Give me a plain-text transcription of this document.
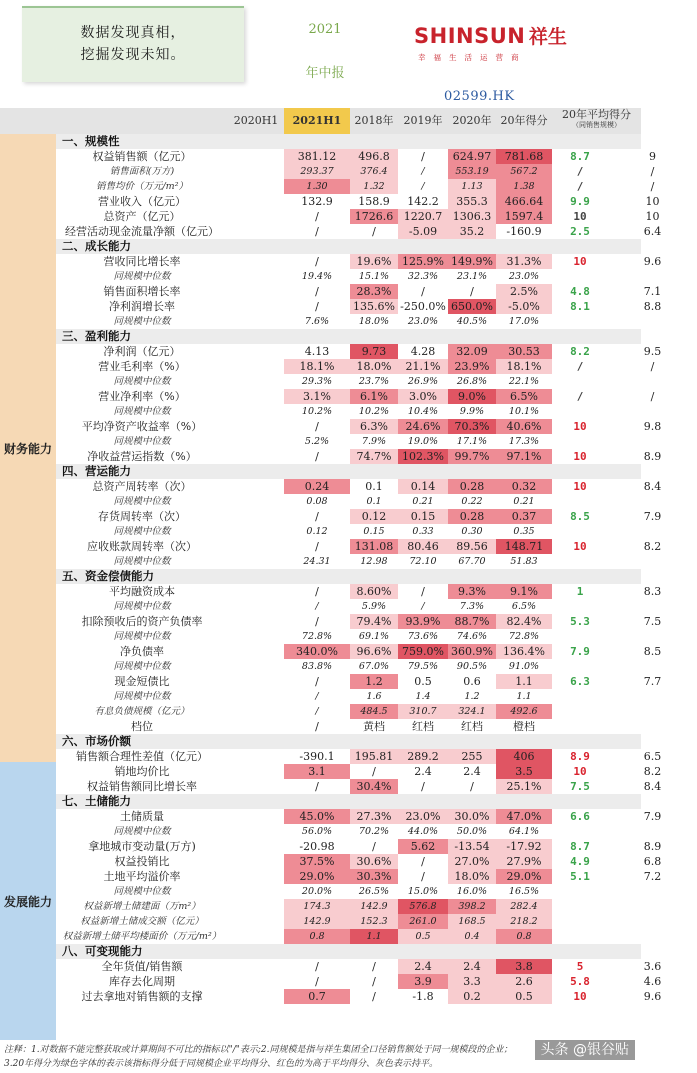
数据发现真相，
挖掘发现未知。
2021
年中报
SHINSUN 祥生
幸福生活运营商
02599.HK
2020H1	2021H1	2018年 2019年 2020年 20年得分	20年平均得分
（同销售规模）
财务能力
发展能力
一、规模性
权益销售额（亿元）	381.12	496.8	/	624.97	781.68	8.7	9
销售面积(万方)	293.37	376.4	/	553.19	567.2	/	/
销售均价（万元/m²）	1.30	1.32	/	1.13	1.38	/	/
营业收入（亿元）	132.9	158.9	142.2	355.3	466.64	9.9	10
总资产（亿元）	/	1726.6 1220.7 1306.3	1597.4	10	10
经营活动现金流量净额（亿元）	/	/	-5.09	35.2	-160.9	2.5	6.4
二、成长能力
营收同比增长率	/	19.6% 125.9% 149.9%	31.3%	10	9.6
同规模中位数	19.4%	15.1%	32.3%	23.1%	23.0%
销售面积增长率	/	28.3%	/	/	2.5%	4.8	7.1
净利润增长率	/	135.6% -250.0% 650.0%	-5.0%	8.1	8.8
同规模中位数	7.6%	18.0%	23.0%	40.5%	17.0%
三、盈利能力
净利润（亿元）	4.13	9.73	4.28	32.09	30.53	8.2	9.5
营业毛利率（%）	18.1%	18.0%	21.1%	23.9%	18.1%	/	/
同规模中位数	29.3%	23.7%	26.9%	26.8%	22.1%
营业净利率（%）	3.1%	6.1%	3.0%	9.0%	6.5%	/	/
同规模中位数	10.2%	10.2%	10.4%	9.9%	10.1%
平均净资产收益率（%）	/	6.3%	24.6%	70.3%	40.6%	10	9.8
同规模中位数	5.2%	7.9%	19.0%	17.1%	17.3%
净收益营运指数（%）	/	74.7% 102.3% 99.7%	97.1%	10	8.9
四、营运能力
总资产周转率（次）	0.24	0.1	0.14	0.28	0.32	10	8.4
同规模中位数	0.08	0.1	0.21	0.22	0.21
存货周转率（次）	/	0.12	0.15	0.28	0.37	8.5	7.9
同规模中位数	0.12	0.15	0.33	0.30	0.35
应收账款周转率（次）	/	131.08	80.46	89.56	148.71	10	8.2
同规模中位数	24.31	12.98	72.10	67.70	51.83
五、资金偿债能力
平均融资成本	/	8.60%	/	9.3%	9.1%	1	8.3
同规模中位数	/	5.9%	/	7.3%	6.5%
扣除预收后的资产负债率	/	79.4%	93.9%	88.7%	82.4%	5.3	7.5
同规模中位数	72.8%	69.1%	73.6%	74.6%	72.8%
净负债率	340.0%	96.6% 759.0% 360.9% 136.4%	7.9	8.5
同规模中位数	83.8%	67.0%	79.5%	90.5%	91.0%
现金短债比	/	1.2	0.5	0.6	1.1	6.3	7.7
同规模中位数	/	1.6	1.4	1.2	1.1
有息负债规模（亿元）	/	484.5	310.7	324.1	492.6
档位	/	黄档	红档	红档	橙档
六、市场价额
销售额合理性差值（亿元）	-390.1	195.81	289.2	255	406	8.9	6.5
销地均价比	3.1	/	2.4	2.4	3.5	10	8.2
权益销售额同比增长率	/	30.4%	/	/	25.1%	7.5	8.4
七、土储能力
土储质量	45.0%	27.3%	23.0%	30.0%	47.0%	6.6	7.9
同规模中位数	56.0%	70.2%	44.0%	50.0%	64.1%
拿地城市变动量(万方)	-20.98	/	5.62	-13.54	-17.92	8.7	8.9
权益投销比	37.5%	30.6%	/	27.0%	27.9%	4.9	6.8
土地平均溢价率	29.0%	30.3%	/	18.0%	29.0%	5.1	7.2
同规模中位数	20.0%	26.5%	15.0%	16.0%	16.5%
权益新增土储建面（万m²）	174.3	142.9	576.8	398.2	282.4
权益新增土储成交额（亿元）	142.9	152.3	261.0	168.5	218.2
权益新增土储平均楼面价（万元/m²）	0.8	1.1	0.5	0.4	0.8
八、可变现能力
全年货值/销售额	/	/	2.4	2.4	3.8	5	3.6
库存去化周期	/	/	3.9	3.3	2.6	5.8	4.6
过去拿地对销售额的支撑	0.7	/	-1.8	0.2	0.5	10	9.6
注释：1.对数据不能完整获取或计算期间不可比的指标以"/"表示;2.同规模是指与祥生集团全口径销售额处于同一规模段的企业；
3.20年得分为绿色字体的表示该指标得分低于同规模企业平均得分、红色的为高于平均得分、灰色表示持平。
头条 @银谷贴
